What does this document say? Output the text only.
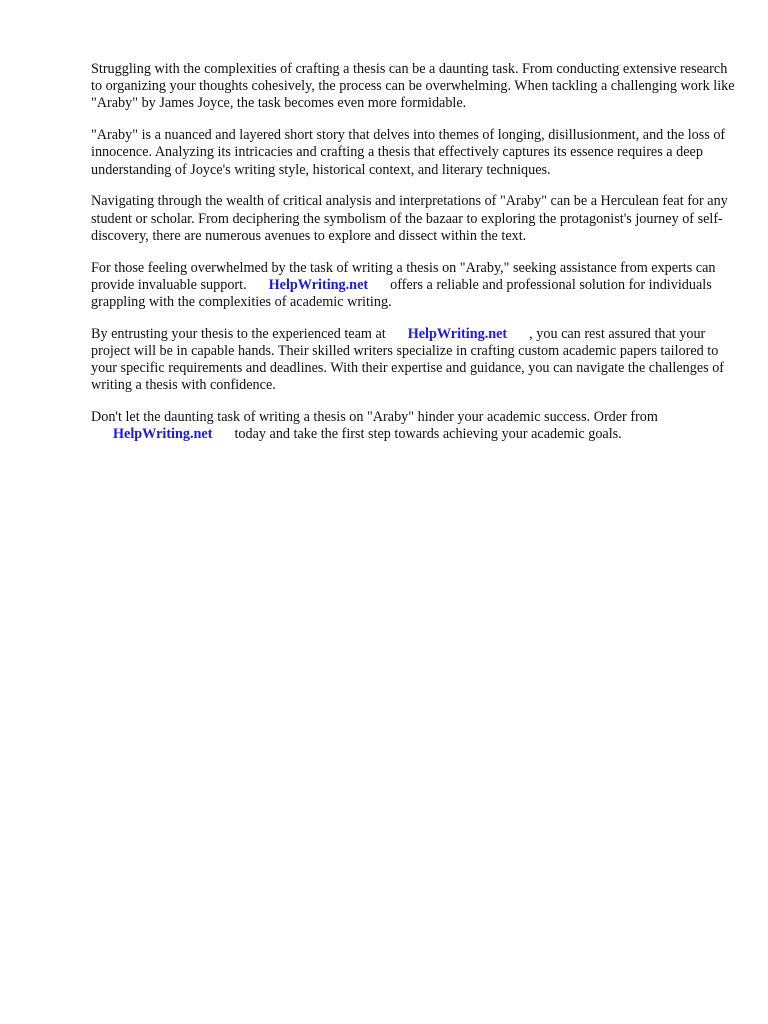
Struggling with the complexities of crafting a thesis can be a daunting task. From conducting extensive research to organizing your thoughts cohesively, the process can be overwhelming. When tackling a challenging work like "Araby" by James Joyce, the task becomes even more formidable.

"Araby" is a nuanced and layered short story that delves into themes of longing, disillusionment, and the loss of innocence. Analyzing its intricacies and crafting a thesis that effectively captures its essence requires a deep understanding of Joyce's writing style, historical context, and literary techniques.

Navigating through the wealth of critical analysis and interpretations of "Araby" can be a Herculean feat for any student or scholar. From deciphering the symbolism of the bazaar to exploring the protagonist's journey of self-discovery, there are numerous avenues to explore and dissect within the text.

For those feeling overwhelmed by the task of writing a thesis on "Araby," seeking assistance from experts can provide invaluable support. HelpWriting.net offers a reliable and professional solution for individuals grappling with the complexities of academic writing.

By entrusting your thesis to the experienced team at HelpWriting.net , you can rest assured that your project will be in capable hands. Their skilled writers specialize in crafting custom academic papers tailored to your specific requirements and deadlines. With their expertise and guidance, you can navigate the challenges of writing a thesis with confidence.

Don't let the daunting task of writing a thesis on "Araby" hinder your academic success. Order from HelpWriting.net today and take the first step towards achieving your academic goals.
